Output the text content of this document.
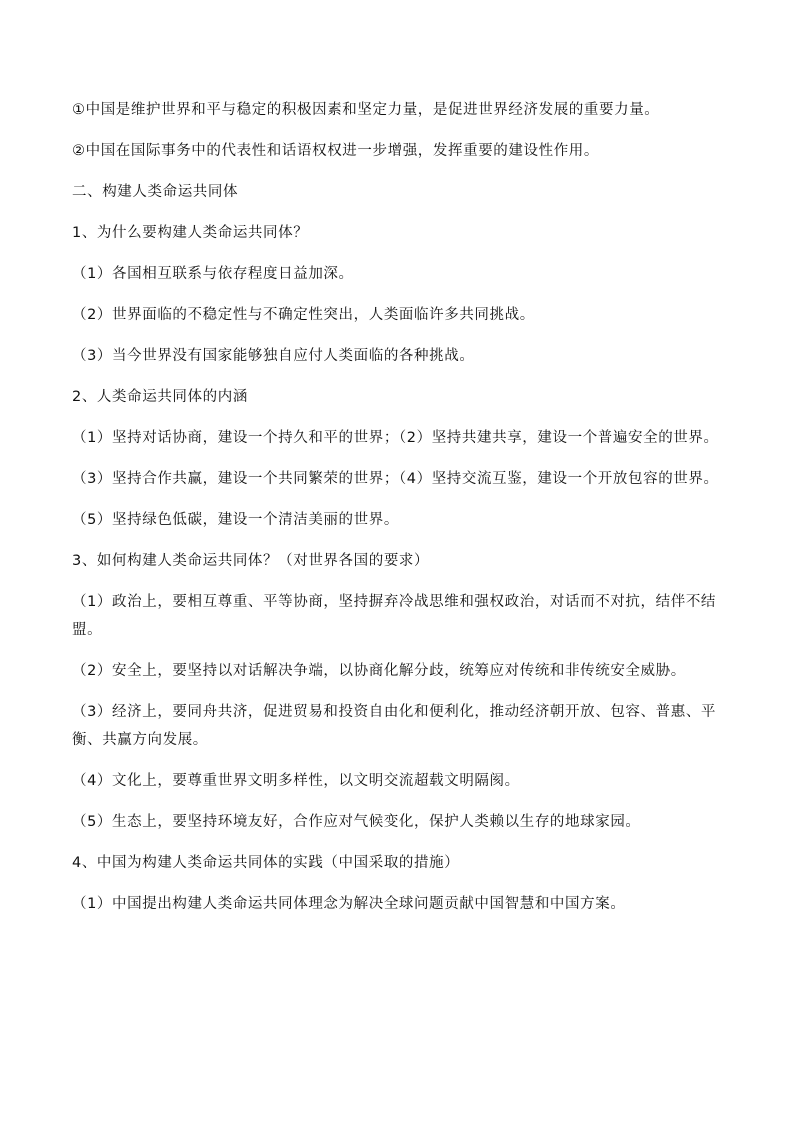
①中国是维护世界和平与稳定的积极因素和坚定力量，是促进世界经济发展的重要力量。

②中国在国际事务中的代表性和话语权权进一步增强，发挥重要的建设性作用。

二、构建人类命运共同体

1、为什么要构建人类命运共同体？

（1）各国相互联系与依存程度日益加深。

（2）世界面临的不稳定性与不确定性突出，人类面临许多共同挑战。

（3）当今世界没有国家能够独自应付人类面临的各种挑战。

2、人类命运共同体的内涵

（1）坚持对话协商，建设一个持久和平的世界；（2）坚持共建共享，建设一个普遍安全的世界。

（3）坚持合作共赢，建设一个共同繁荣的世界；（4）坚持交流互鉴，建设一个开放包容的世界。

（5）坚持绿色低碳，建设一个清洁美丽的世界。

3、如何构建人类命运共同体？（对世界各国的要求）

（1）政治上，要相互尊重、平等协商，坚持摒弃冷战思维和强权政治，对话而不对抗，结伴不结盟。

（2）安全上，要坚持以对话解决争端，以协商化解分歧，统筹应对传统和非传统安全威胁。

（3）经济上，要同舟共济，促进贸易和投资自由化和便利化，推动经济朝开放、包容、普惠、平衡、共赢方向发展。

（4）文化上，要尊重世界文明多样性，以文明交流超载文明隔阂。

（5）生态上，要坚持环境友好，合作应对气候变化，保护人类赖以生存的地球家园。

4、中国为构建人类命运共同体的实践（中国采取的措施）

（1）中国提出构建人类命运共同体理念为解决全球问题贡献中国智慧和中国方案。
